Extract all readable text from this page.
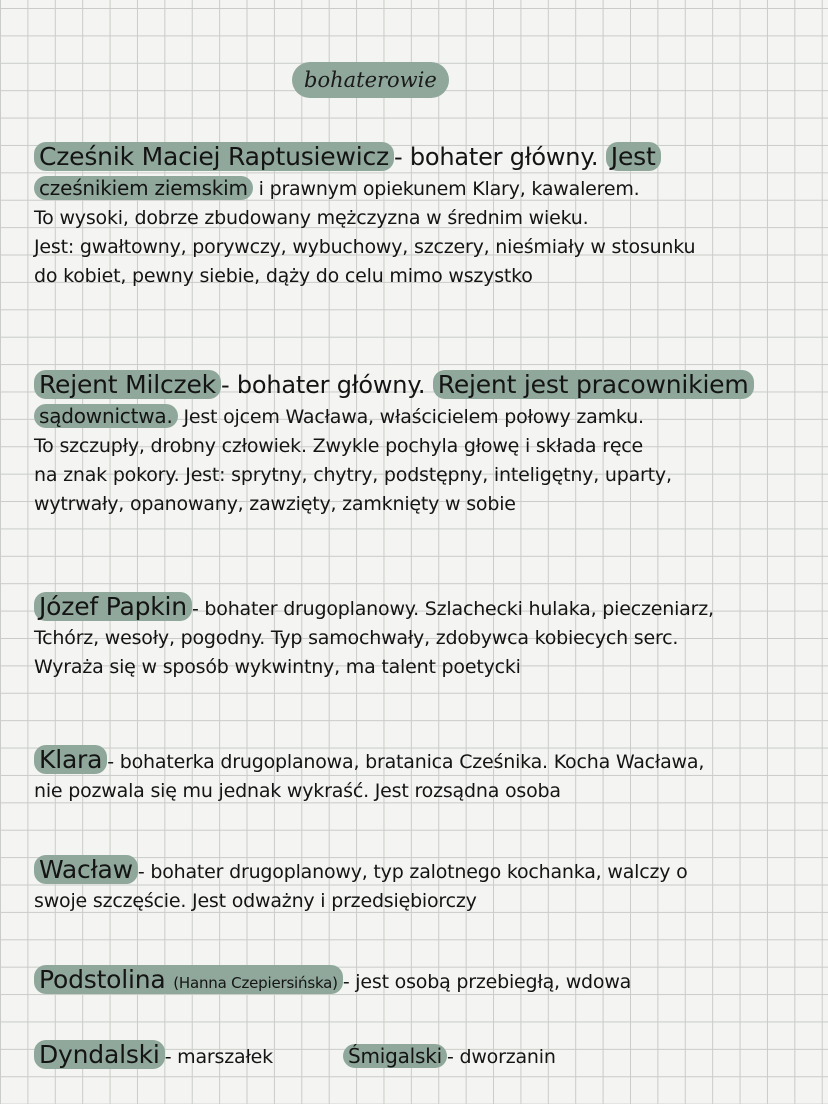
bohaterowie
Cześnik Maciej Raptusiewicz - bohater główny. Jest
cześnikiem ziemskim i prawnym opiekunem Klary, kawalerem.
To wysoki, dobrze zbudowany mężczyzna w średnim wieku.
Jest: gwałtowny, porywczy, wybuchowy, szczery, nieśmiały w stosunku
do kobiet, pewny siebie, dąży do celu mimo wszystko
Rejent Milczek - bohater główny. Rejent jest pracownikiem
sądownictwa. Jest ojcem Wacława, właścicielem połowy zamku.
To szczupły, drobny człowiek. Zwykle pochyla głowę i składa ręce
na znak pokory. Jest: sprytny, chytry, podstępny, inteligętny, uparty,
wytrwały, opanowany, zawzięty, zamknięty w sobie
Józef Papkin - bohater drugoplanowy. Szlachecki hulaka, pieczeniarz,
Tchórz, wesoły, pogodny. Typ samochwały, zdobywca kobiecych serc.
Wyraża się w sposób wykwintny, ma talent poetycki
Klara - bohaterka drugoplanowa, bratanica Cześnika. Kocha Wacława,
nie pozwala się mu jednak wykraść. Jest rozsądna osoba
Wacław - bohater drugoplanowy, typ zalotnego kochanka, walczy o
swoje szczęście. Jest odważny i przedsiębiorczy
Podstolina (Hanna Czepiersińska) - jest osobą przebiegłą, wdowa
Dyndalski - marszałek	Śmigalski - dworzanin
